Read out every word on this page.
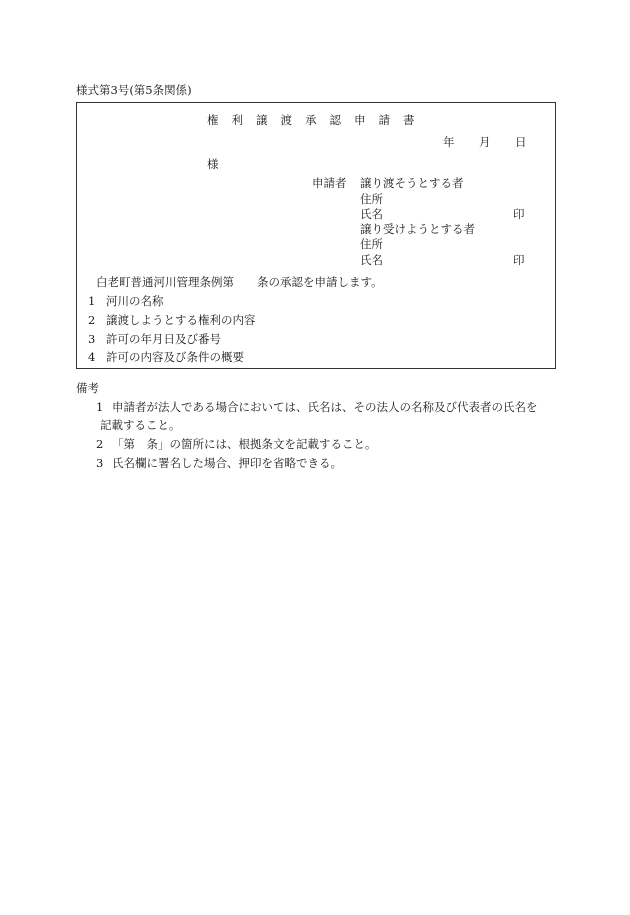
様式第3号(第5条関係)
権利譲渡承認申請書
年 月 日
様
申請者 譲り渡そうとする者
住所
氏名	印
譲り受けようとする者
住所
氏名	印
白老町普通河川管理条例第　　条の承認を申請します。
1 河川の名称
2 譲渡しようとする権利の内容
3 許可の年月日及び番号
4 許可の内容及び条件の概要
備考
1 申請者が法人である場合においては、氏名は、その法人の名称及び代表者の氏名を
記載すること。
2 「第　条」の箇所には、根拠条文を記載すること。
3 氏名欄に署名した場合、押印を省略できる。
